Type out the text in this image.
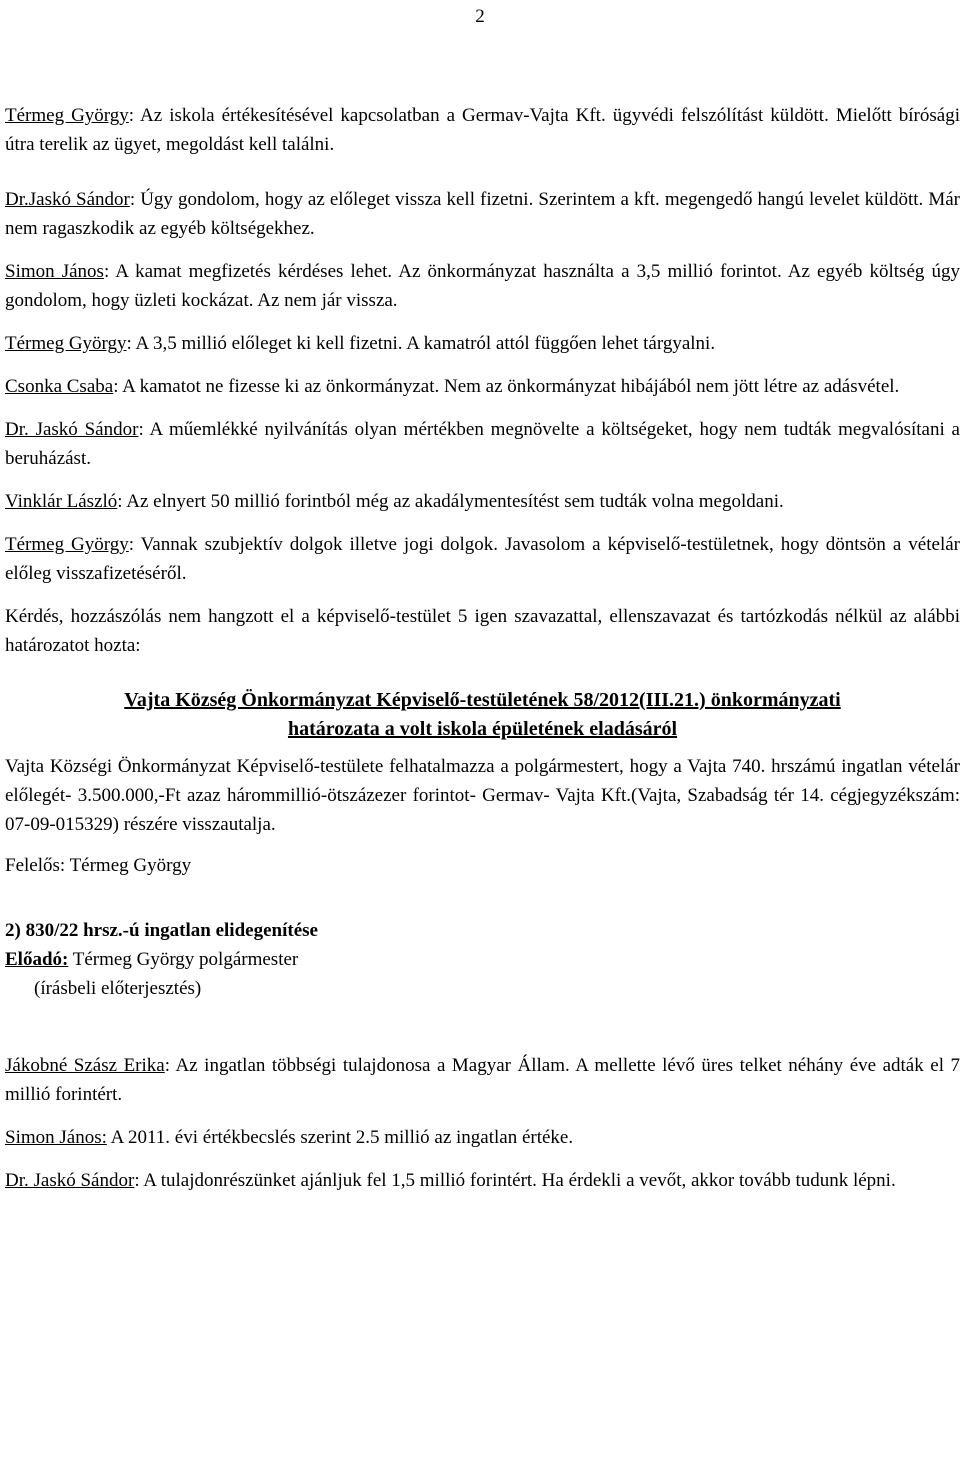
2

Térmeg György: Az iskola értékesítésével kapcsolatban a Germav-Vajta Kft. ügyvédi felszólítást küldött. Mielőtt bírósági útra terelik az ügyet, megoldást kell találni.

Dr.Jaskó Sándor: Úgy gondolom, hogy az előleget vissza kell fizetni. Szerintem a kft. megengedő hangú levelet küldött. Már nem ragaszkodik az egyéb költségekhez.

Simon János: A kamat megfizetés kérdéses lehet. Az önkormányzat használta a 3,5 millió forintot. Az egyéb költség úgy gondolom, hogy üzleti kockázat. Az nem jár vissza.

Térmeg György: A 3,5 millió előleget ki kell fizetni. A kamatról attól függően lehet tárgyalni.

Csonka Csaba: A kamatot ne fizesse ki az önkormányzat. Nem az önkormányzat hibájából nem jött létre az adásvétel.

Dr. Jaskó Sándor: A műemlékké nyilvánítás olyan mértékben megnövelte a költségeket, hogy nem tudták megvalósítani a beruházást.

Vinklár László: Az elnyert 50 millió forintból még az akadálymentesítést sem tudták volna megoldani.

Térmeg György: Vannak szubjektív dolgok illetve jogi dolgok. Javasolom a képviselő-testületnek, hogy döntsön a vételár előleg visszafizetéséről.

Kérdés, hozzászólás nem hangzott el a képviselő-testület 5 igen szavazattal, ellenszavazat és tartózkodás nélkül az alábbi határozatot hozta:

Vajta Község Önkormányzat Képviselő-testületének 58/2012(III.21.) önkormányzati
határozata a volt iskola épületének eladásáról

Vajta Községi Önkormányzat Képviselő-testülete felhatalmazza a polgármestert, hogy a Vajta 740. hrszámú ingatlan vételár előlegét- 3.500.000,-Ft azaz hárommillió-ötszázezer forintot- Germav- Vajta Kft.(Vajta, Szabadság tér 14. cégjegyzékszám: 07-09-015329) részére visszautalja.

Felelős: Térmeg György

2) 830/22 hrsz.-ú ingatlan elidegenítése

Előadó: Térmeg György polgármester

(írásbeli előterjesztés)

Jákobné Szász Erika: Az ingatlan többségi tulajdonosa a Magyar Állam. A mellette lévő üres telket néhány éve adták el 7 millió forintért.

Simon János: A 2011. évi értékbecslés szerint 2.5 millió az ingatlan értéke.

Dr. Jaskó Sándor: A tulajdonrészünket ajánljuk fel 1,5 millió forintért. Ha érdekli a vevőt, akkor tovább tudunk lépni.
